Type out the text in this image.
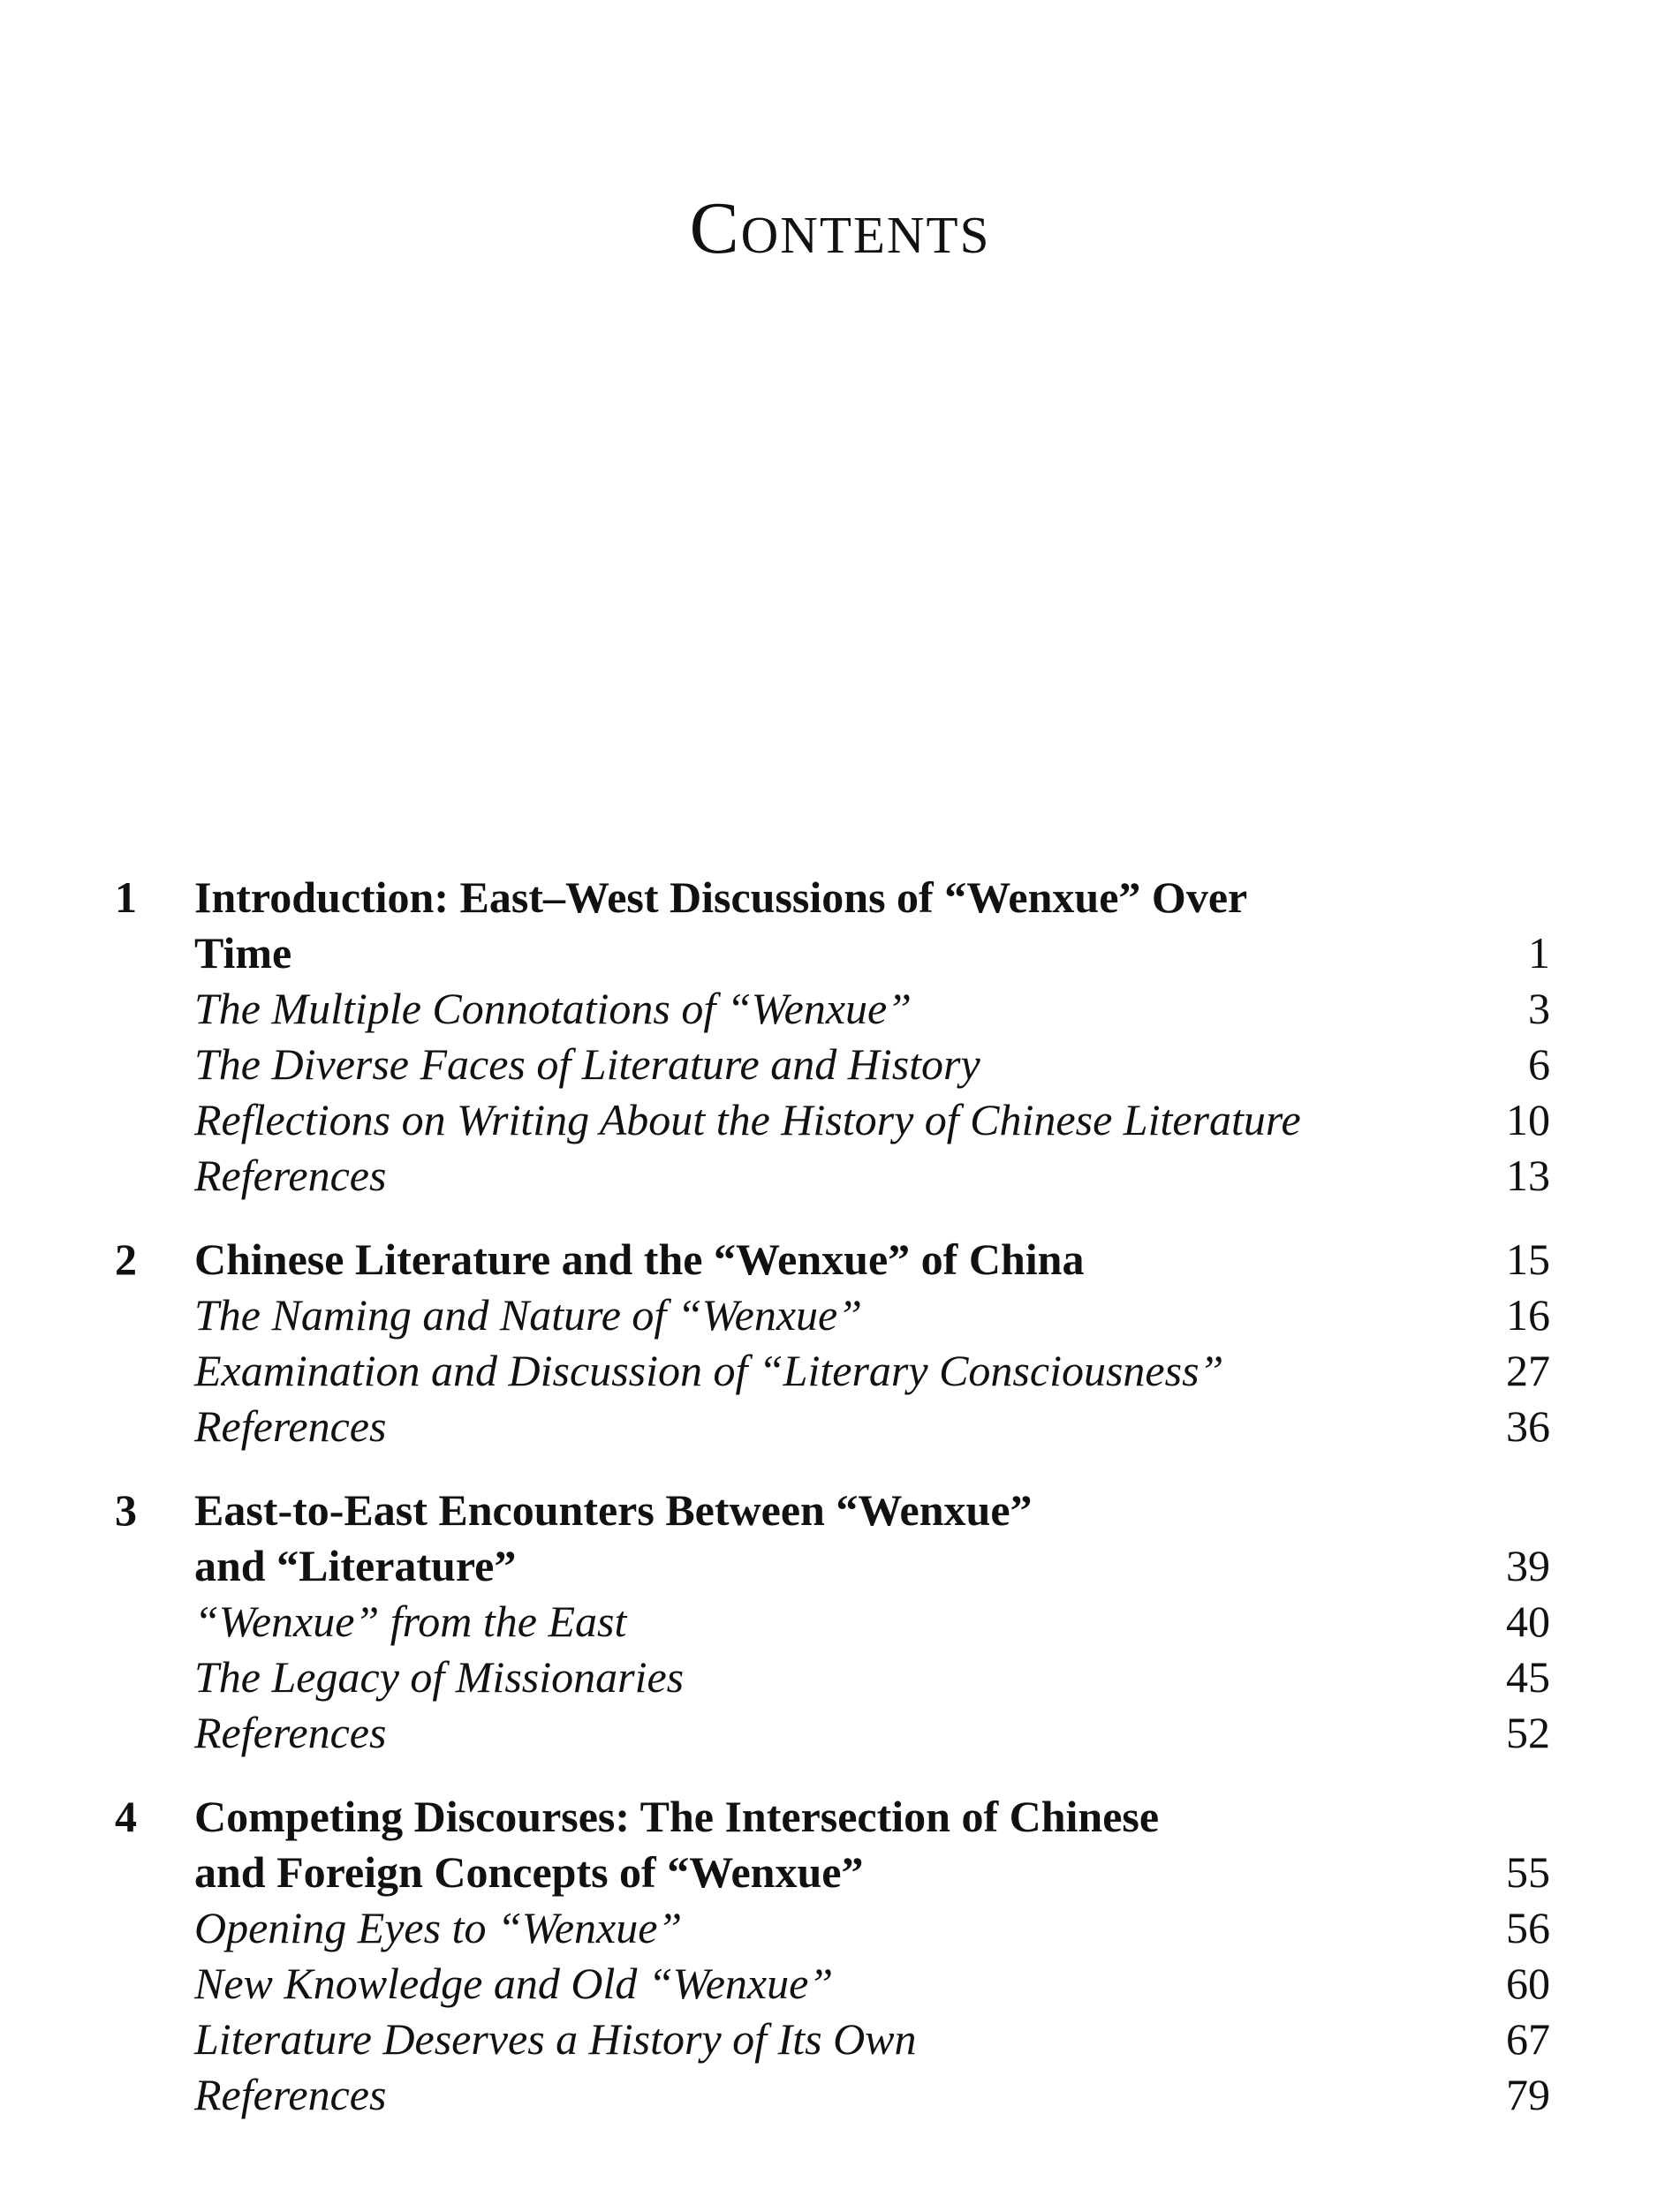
Contents
1 Introduction: East–West Discussions of “Wenxue” Over
Time	1
The Multiple Connotations of “Wenxue”	3
The Diverse Faces of Literature and History	6
Reflections on Writing About the History of Chinese Literature	10
References	13
2 Chinese Literature and the “Wenxue” of China	15
The Naming and Nature of “Wenxue”	16
Examination and Discussion of “Literary Consciousness”	27
References	36
3 East-to-East Encounters Between “Wenxue”
and “Literature”	39
“Wenxue” from the East	40
The Legacy of Missionaries	45
References	52
4 Competing Discourses: The Intersection of Chinese
and Foreign Concepts of “Wenxue”	55
Opening Eyes to “Wenxue”	56
New Knowledge and Old “Wenxue”	60
Literature Deserves a History of Its Own	67
References	79
